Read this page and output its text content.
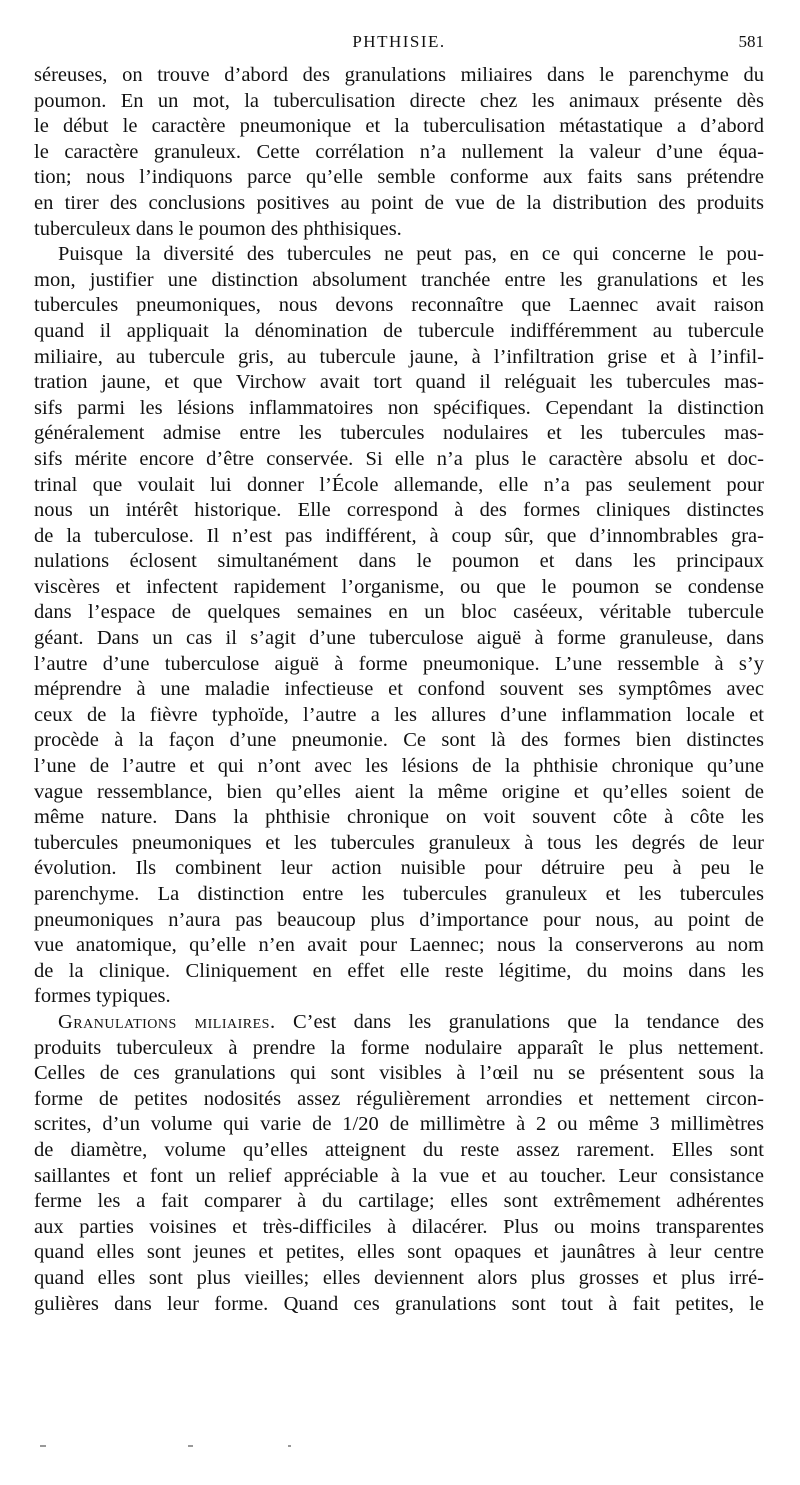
PHTHISIE.	581
séreuses, on trouve d’abord des granulations miliaires dans le parenchyme du
poumon. En un mot, la tuberculisation directe chez les animaux présente dès
le début le caractère pneumonique et la tuberculisation métastatique a d’abord
le caractère granuleux. Cette corrélation n’a nullement la valeur d’une équa-
tion; nous l’indiquons parce qu’elle semble conforme aux faits sans prétendre
en tirer des conclusions positives au point de vue de la distribution des produits
tuberculeux dans le poumon des phthisiques.
Puisque la diversité des tubercules ne peut pas, en ce qui concerne le pou-
mon, justifier une distinction absolument tranchée entre les granulations et les
tubercules pneumoniques, nous devons reconnaître que Laennec avait raison
quand il appliquait la dénomination de tubercule indifféremment au tubercule
miliaire, au tubercule gris, au tubercule jaune, à l’infiltration grise et à l’infil-
tration jaune, et que Virchow avait tort quand il reléguait les tubercules mas-
sifs parmi les lésions inflammatoires non spécifiques. Cependant la distinction
généralement admise entre les tubercules nodulaires et les tubercules mas-
sifs mérite encore d’être conservée. Si elle n’a plus le caractère absolu et doc-
trinal que voulait lui donner l’École allemande, elle n’a pas seulement pour
nous un intérêt historique. Elle correspond à des formes cliniques distinctes
de la tuberculose. Il n’est pas indifférent, à coup sûr, que d’innombrables gra-
nulations éclosent simultanément dans le poumon et dans les principaux
viscères et infectent rapidement l’organisme, ou que le poumon se condense
dans l’espace de quelques semaines en un bloc caséeux, véritable tubercule
géant. Dans un cas il s’agit d’une tuberculose aiguë à forme granuleuse, dans
l’autre d’une tuberculose aiguë à forme pneumonique. L’une ressemble à s’y
méprendre à une maladie infectieuse et confond souvent ses symptômes avec
ceux de la fièvre typhoïde, l’autre a les allures d’une inflammation locale et
procède à la façon d’une pneumonie. Ce sont là des formes bien distinctes
l’une de l’autre et qui n’ont avec les lésions de la phthisie chronique qu’une
vague ressemblance, bien qu’elles aient la même origine et qu’elles soient de
même nature. Dans la phthisie chronique on voit souvent côte à côte les
tubercules pneumoniques et les tubercules granuleux à tous les degrés de leur
évolution. Ils combinent leur action nuisible pour détruire peu à peu le
parenchyme. La distinction entre les tubercules granuleux et les tubercules
pneumoniques n’aura pas beaucoup plus d’importance pour nous, au point de
vue anatomique, qu’elle n’en avait pour Laennec; nous la conserverons au nom
de la clinique. Cliniquement en effet elle reste légitime, du moins dans les
formes typiques.
Granulations miliaires. C’est dans les granulations que la tendance des
produits tuberculeux à prendre la forme nodulaire apparaît le plus nettement.
Celles de ces granulations qui sont visibles à l’œil nu se présentent sous la
forme de petites nodosités assez régulièrement arrondies et nettement circon-
scrites, d’un volume qui varie de 1/20 de millimètre à 2 ou même 3 millimètres
de diamètre, volume qu’elles atteignent du reste assez rarement. Elles sont
saillantes et font un relief appréciable à la vue et au toucher. Leur consistance
ferme les a fait comparer à du cartilage; elles sont extrêmement adhérentes
aux parties voisines et très-difficiles à dilacérer. Plus ou moins transparentes
quand elles sont jeunes et petites, elles sont opaques et jaunâtres à leur centre
quand elles sont plus vieilles; elles deviennent alors plus grosses et plus irré-
gulières dans leur forme. Quand ces granulations sont tout à fait petites, le
